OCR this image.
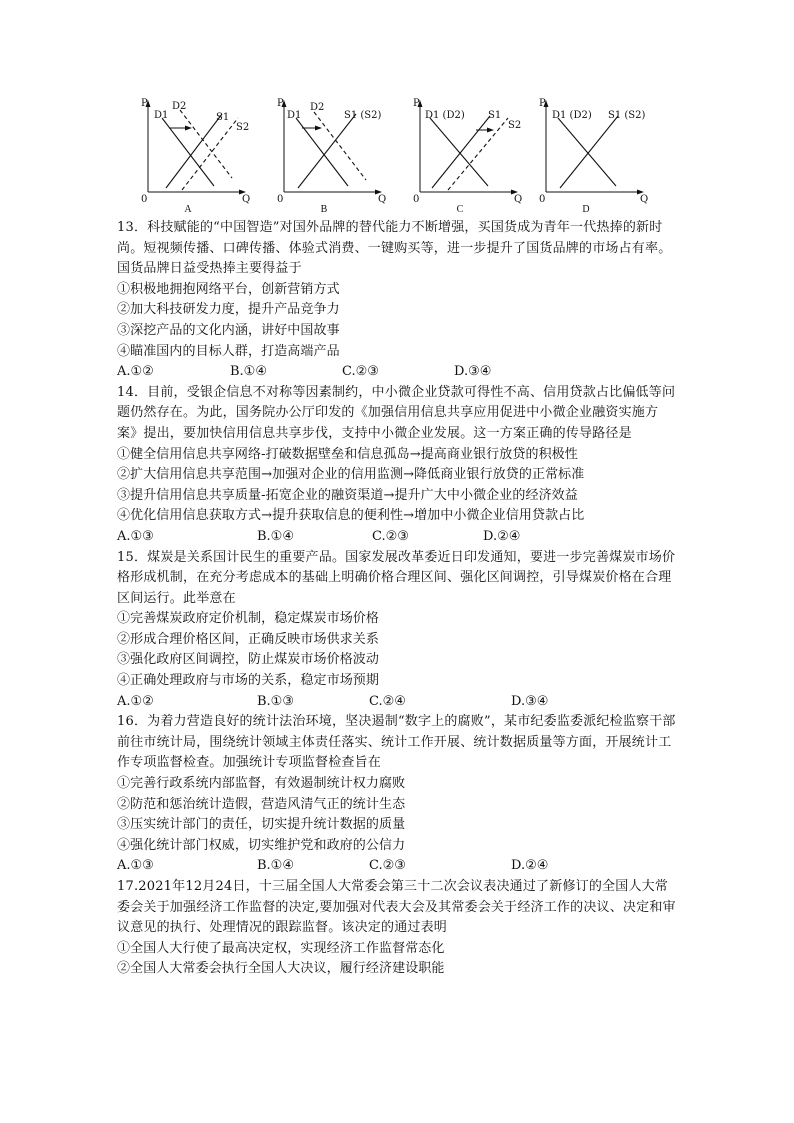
P
Q
0
D1
D2
S1
S2
A
P
Q
0
D1
D2
S1 (S2)
B
P
Q
0
D1 (D2) S1
S2
C
P
Q
0
D1 (D2) S1 (S2)
D

13．科技赋能的“中国智造”对国外品牌的替代能力不断增强，买国货成为青年一代热捧的新时尚。短视频传播、口碑传播、体验式消费、一键购买等，进一步提升了国货品牌的市场占有率。国货品牌日益受热捧主要得益于

①积极地拥抱网络平台，创新营销方式

②加大科技研发力度，提升产品竞争力

③深挖产品的文化内涵，讲好中国故事

④瞄准国内的目标人群，打造高端产品

A.①②	B.①④	C.②③	D.③④

14．目前，受银企信息不对称等因素制约，中小微企业贷款可得性不高、信用贷款占比偏低等问题仍然存在。为此，国务院办公厅印发的《加强信用信息共享应用促进中小微企业融资实施方案》提出，要加快信用信息共享步伐，支持中小微企业发展。这一方案正确的传导路径是

①健全信用信息共享网络-打破数据壁垒和信息孤岛→提高商业银行放贷的积极性

②扩大信用信息共享范围→加强对企业的信用监测→降低商业银行放贷的正常标准

③提升信用信息共享质量-拓宽企业的融资渠道→提升广大中小微企业的经济效益

④优化信用信息获取方式→提升获取信息的便利性→增加中小微企业信用贷款占比

A.①③	B.①④	C.②③	D.②④

15．煤炭是关系国计民生的重要产品。国家发展改革委近日印发通知，要进一步完善煤炭市场价格形成机制，在充分考虑成本的基础上明确价格合理区间、强化区间调控，引导煤炭价格在合理区间运行。此举意在

①完善煤炭政府定价机制，稳定煤炭市场价格

②形成合理价格区间，正确反映市场供求关系

③强化政府区间调控，防止煤炭市场价格波动

④正确处理政府与市场的关系，稳定市场预期

A.①②	B.①③	C.②④	D.③④

16．为着力营造良好的统计法治环境，坚决遏制“数字上的腐败”，某市纪委监委派纪检监察干部前往市统计局，围绕统计领域主体责任落实、统计工作开展、统计数据质量等方面，开展统计工作专项监督检查。加强统计专项监督检查旨在

①完善行政系统内部监督，有效遏制统计权力腐败

②防范和惩治统计造假，营造风清气正的统计生态

③压实统计部门的责任，切实提升统计数据的质量

④强化统计部门权威，切实维护党和政府的公信力

A.①③	B.①④	C.②③	D.②④

17.2021年12月24日，十三届全国人大常委会第三十二次会议表决通过了新修订的全国人大常委会关于加强经济工作监督的决定,要加强对代表大会及其常委会关于经济工作的决议、决定和审议意见的执行、处理情况的跟踪监督。该决定的通过表明

①全国人大行使了最高决定权，实现经济工作监督常态化

②全国人大常委会执行全国人大决议，履行经济建设职能
